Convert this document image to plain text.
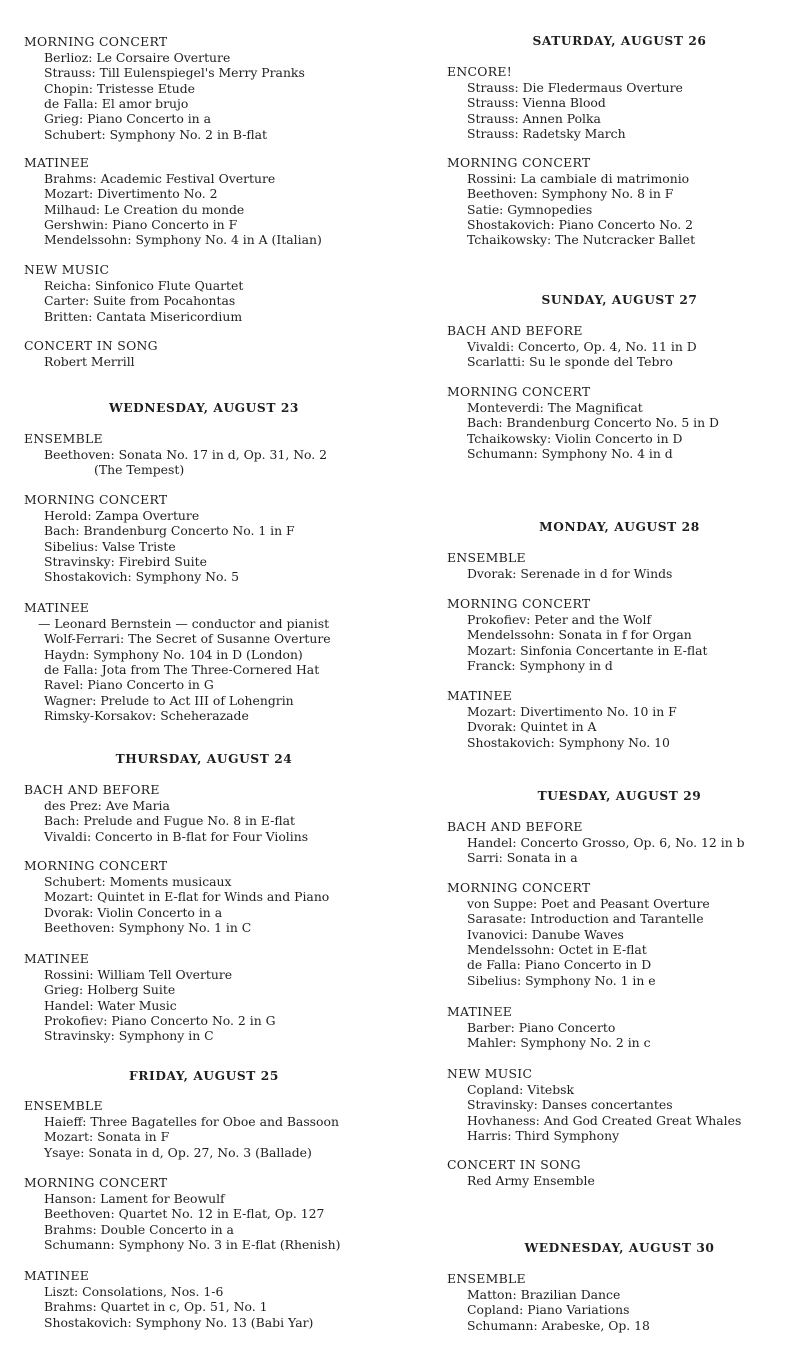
MORNING CONCERT
Berlioz: Le Corsaire Overture
Strauss: Till Eulenspiegel's Merry Pranks
Chopin: Tristesse Etude
de Falla: El amor brujo
Grieg: Piano Concerto in a
Schubert: Symphony No. 2 in B-flat
MATINEE
Brahms: Academic Festival Overture
Mozart: Divertimento No. 2
Milhaud: Le Creation du monde
Gershwin: Piano Concerto in F
Mendelssohn: Symphony No. 4 in A (Italian)
NEW MUSIC
Reicha: Sinfonico Flute Quartet
Carter: Suite from Pocahontas
Britten: Cantata Misericordium
CONCERT IN SONG
Robert Merrill
WEDNESDAY, AUGUST 23
ENSEMBLE
Beethoven: Sonata No. 17 in d, Op. 31, No. 2
(The Tempest)
MORNING CONCERT
Herold: Zampa Overture
Bach: Brandenburg Concerto No. 1 in F
Sibelius: Valse Triste
Stravinsky: Firebird Suite
Shostakovich: Symphony No. 5
MATINEE
— Leonard Bernstein — conductor and pianist
Wolf-Ferrari: The Secret of Susanne Overture
Haydn: Symphony No. 104 in D (London)
de Falla: Jota from The Three-Cornered Hat
Ravel: Piano Concerto in G
Wagner: Prelude to Act III of Lohengrin
Rimsky-Korsakov: Scheherazade
THURSDAY, AUGUST 24
BACH AND BEFORE
des Prez: Ave Maria
Bach: Prelude and Fugue No. 8 in E-flat
Vivaldi: Concerto in B-flat for Four Violins
MORNING CONCERT
Schubert: Moments musicaux
Mozart: Quintet in E-flat for Winds and Piano
Dvorak: Violin Concerto in a
Beethoven: Symphony No. 1 in C
MATINEE
Rossini: William Tell Overture
Grieg: Holberg Suite
Handel: Water Music
Prokofiev: Piano Concerto No. 2 in G
Stravinsky: Symphony in C
FRIDAY, AUGUST 25
ENSEMBLE
Haieff: Three Bagatelles for Oboe and Bassoon
Mozart: Sonata in F
Ysaye: Sonata in d, Op. 27, No. 3 (Ballade)
MORNING CONCERT
Hanson: Lament for Beowulf
Beethoven: Quartet No. 12 in E-flat, Op. 127
Brahms: Double Concerto in a
Schumann: Symphony No. 3 in E-flat (Rhenish)
MATINEE
Liszt: Consolations, Nos. 1-6
Brahms: Quartet in c, Op. 51, No. 1
Shostakovich: Symphony No. 13 (Babi Yar)
SATURDAY, AUGUST 26
ENCORE!
Strauss: Die Fledermaus Overture
Strauss: Vienna Blood
Strauss: Annen Polka
Strauss: Radetsky March
MORNING CONCERT
Rossini: La cambiale di matrimonio
Beethoven: Symphony No. 8 in F
Satie: Gymnopedies
Shostakovich: Piano Concerto No. 2
Tchaikowsky: The Nutcracker Ballet
SUNDAY, AUGUST 27
BACH AND BEFORE
Vivaldi: Concerto, Op. 4, No. 11 in D
Scarlatti: Su le sponde del Tebro
MORNING CONCERT
Monteverdi: The Magnificat
Bach: Brandenburg Concerto No. 5 in D
Tchaikowsky: Violin Concerto in D
Schumann: Symphony No. 4 in d
MONDAY, AUGUST 28
ENSEMBLE
Dvorak: Serenade in d for Winds
MORNING CONCERT
Prokofiev: Peter and the Wolf
Mendelssohn: Sonata in f for Organ
Mozart: Sinfonia Concertante in E-flat
Franck: Symphony in d
MATINEE
Mozart: Divertimento No. 10 in F
Dvorak: Quintet in A
Shostakovich: Symphony No. 10
TUESDAY, AUGUST 29
BACH AND BEFORE
Handel: Concerto Grosso, Op. 6, No. 12 in b
Sarri: Sonata in a
MORNING CONCERT
von Suppe: Poet and Peasant Overture
Sarasate: Introduction and Tarantelle
Ivanovici: Danube Waves
Mendelssohn: Octet in E-flat
de Falla: Piano Concerto in D
Sibelius: Symphony No. 1 in e
MATINEE
Barber: Piano Concerto
Mahler: Symphony No. 2 in c
NEW MUSIC
Copland: Vitebsk
Stravinsky: Danses concertantes
Hovhaness: And God Created Great Whales
Harris: Third Symphony
CONCERT IN SONG
Red Army Ensemble
WEDNESDAY, AUGUST 30
ENSEMBLE
Matton: Brazilian Dance
Copland: Piano Variations
Schumann: Arabeske, Op. 18
